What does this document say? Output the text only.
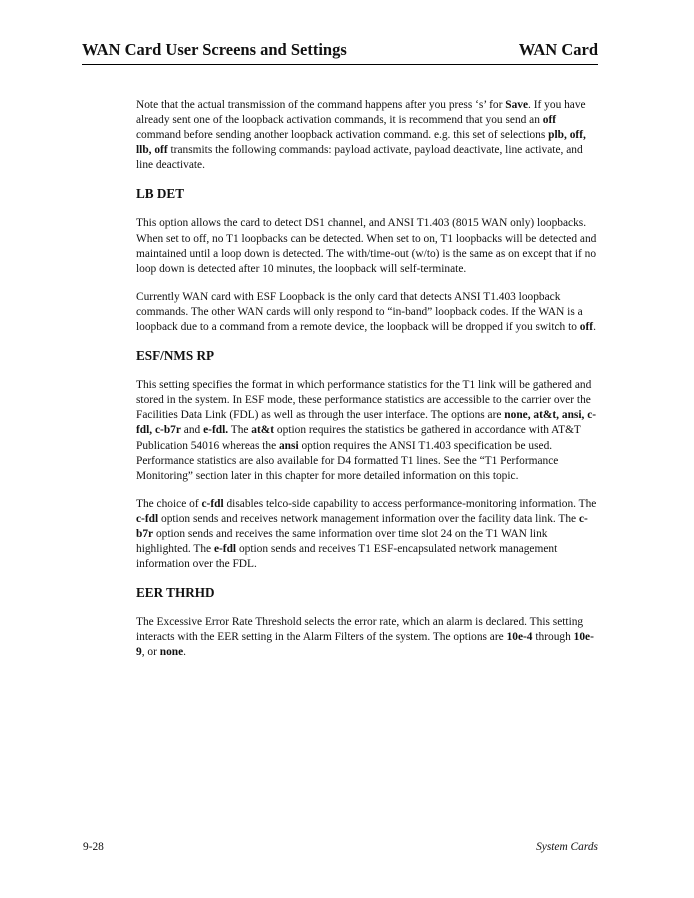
WAN Card User Screens and Settings	WAN Card

Note that the actual transmission of the command happens after you press ‘s’ for Save. If you have already sent one of the loopback activation commands, it is recommend that you send an off command before sending another loopback activation command. e.g. this set of selections plb, off, llb, off transmits the following commands: payload activate, payload deactivate, line activate, and line deactivate.

LB DET

This option allows the card to detect DS1 channel, and ANSI T1.403 (8015 WAN only) loopbacks. When set to off, no T1 loopbacks can be detected. When set to on, T1 loopbacks will be detected and maintained until a loop down is detected. The with/time-out (w/to) is the same as on except that if no loop down is detected after 10 minutes, the loopback will self-terminate.

Currently WAN card with ESF Loopback is the only card that detects ANSI T1.403 loopback commands. The other WAN cards will only respond to “in-band” loopback codes. If the WAN is a loopback due to a command from a remote device, the loopback will be dropped if you switch to off.

ESF/NMS RP

This setting specifies the format in which performance statistics for the T1 link will be gathered and stored in the system. In ESF mode, these performance statistics are accessible to the carrier over the Facilities Data Link (FDL) as well as through the user interface. The options are none, at&t, ansi, c-fdl, c-b7r and e-fdl. The at&t option requires the statistics be gathered in accordance with AT&T Publication 54016 whereas the ansi option requires the ANSI T1.403 specification be used. Performance statistics are also available for D4 formatted T1 lines. See the “T1 Performance Monitoring” section later in this chapter for more detailed information on this topic.

The choice of c-fdl disables telco-side capability to access performance-monitoring information. The c-fdl option sends and receives network management information over the facility data link. The c-b7r option sends and receives the same information over time slot 24 on the T1 WAN link highlighted. The e-fdl option sends and receives T1 ESF-encapsulated network management information over the FDL.

EER THRHD

The Excessive Error Rate Threshold selects the error rate, which an alarm is declared. This setting interacts with the EER setting in the Alarm Filters of the system. The options are 10e-4 through 10e-9, or none.

9-28	System Cards
